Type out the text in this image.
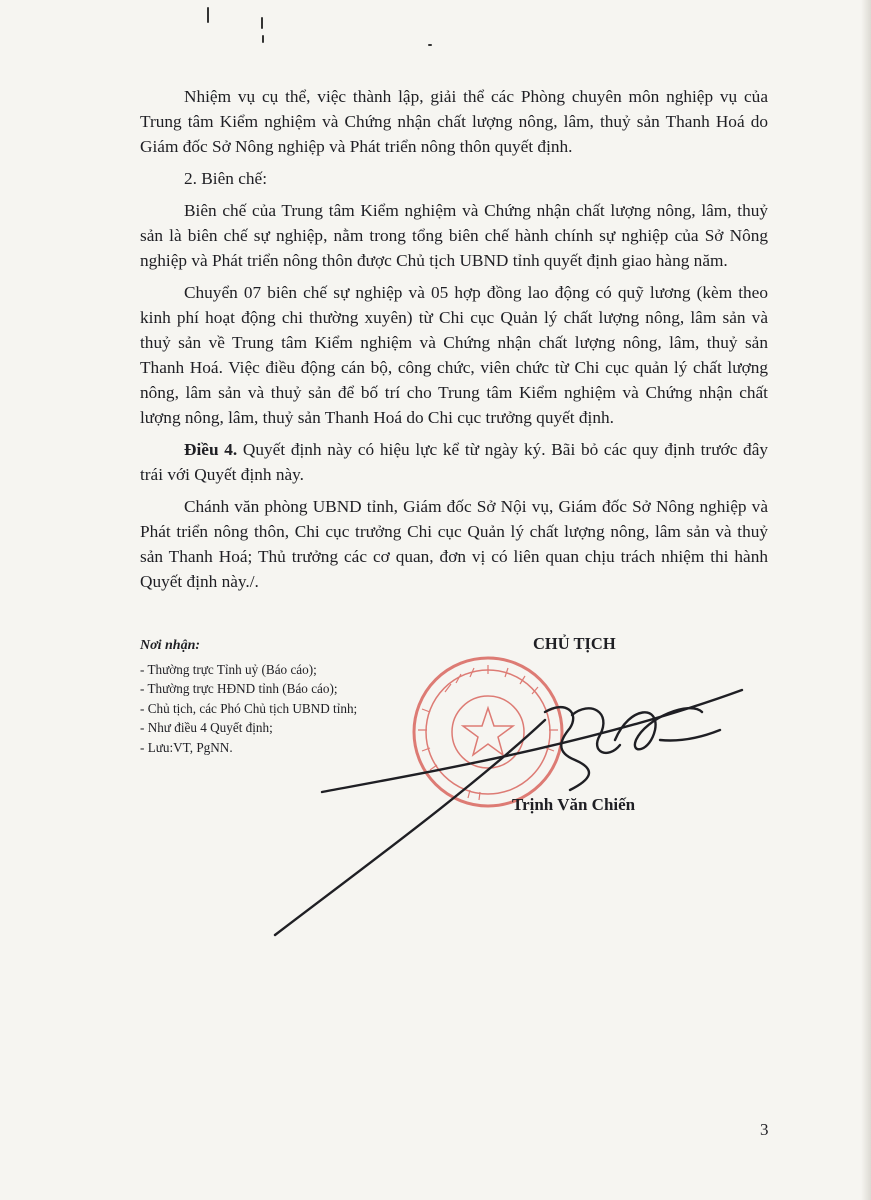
Nhiệm vụ cụ thể, việc thành lập, giải thể các Phòng chuyên môn nghiệp vụ của Trung tâm Kiểm nghiệm và Chứng nhận chất lượng nông, lâm, thuỷ sản Thanh Hoá do Giám đốc Sở Nông nghiệp và Phát triển nông thôn quyết định.

2. Biên chế:

Biên chế của Trung tâm Kiểm nghiệm và Chứng nhận chất lượng nông, lâm, thuỷ sản là biên chế sự nghiệp, nằm trong tổng biên chế hành chính sự nghiệp của Sở Nông nghiệp và Phát triển nông thôn được Chủ tịch UBND tỉnh quyết định giao hàng năm.

Chuyển 07 biên chế sự nghiệp và 05 hợp đồng lao động có quỹ lương (kèm theo kinh phí hoạt động chi thường xuyên) từ Chi cục Quản lý chất lượng nông, lâm sản và thuỷ sản về Trung tâm Kiểm nghiệm và Chứng nhận chất lượng nông, lâm, thuỷ sản Thanh Hoá. Việc điều động cán bộ, công chức, viên chức từ Chi cục quản lý chất lượng nông, lâm sản và thuỷ sản để bố trí cho Trung tâm Kiểm nghiệm và Chứng nhận chất lượng nông, lâm, thuỷ sản Thanh Hoá do Chi cục trưởng quyết định.

Điều 4. Quyết định này có hiệu lực kể từ ngày ký. Bãi bỏ các quy định trước đây trái với Quyết định này.

Chánh văn phòng UBND tỉnh, Giám đốc Sở Nội vụ, Giám đốc Sở Nông nghiệp và Phát triển nông thôn, Chi cục trưởng Chi cục Quản lý chất lượng nông, lâm sản và thuỷ sản Thanh Hoá; Thủ trưởng các cơ quan, đơn vị có liên quan chịu trách nhiệm thi hành Quyết định này./.

Nơi nhận:
- Thường trực Tỉnh uỷ (Báo cáo);
- Thường trực HĐND tỉnh (Báo cáo);
- Chủ tịch, các Phó Chủ tịch UBND tỉnh;
- Như điều 4 Quyết định;
- Lưu:VT, PgNN.
CHỦ TỊCH
Trịnh Văn Chiến
3
